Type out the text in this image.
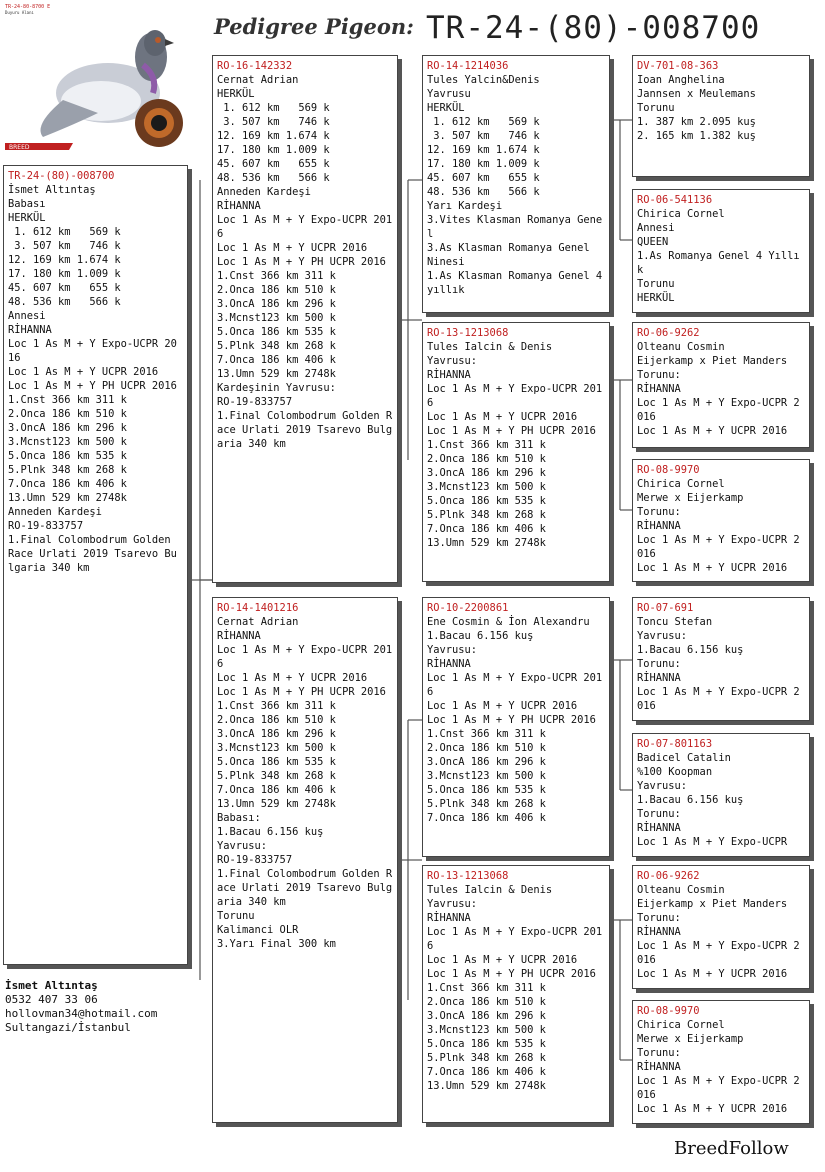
BREED
TR-24-80-8700 E
Duyuru Alanı
Pedigree Pigeon: TR-24-(80)-008700
TR-24-(80)-008700
İsmet Altıntaş
Babası
HERKÜL
1. 612 km   569 k
3. 507 km   746 k
12. 169 km 1.674 k
17. 180 km 1.009 k
45. 607 km   655 k
48. 536 km   566 k
Annesi
RİHANNA
Loc 1 As M + Y Expo-UCPR 2016
Loc 1 As M + Y UCPR 2016
Loc 1 As M + Y PH UCPR 2016
1.Cnst 366 km 311 k
2.Onca 186 km 510 k
3.OncA 186 km 296 k
3.Mcnst123 km 500 k
5.Onca 186 km 535 k
5.Plnk 348 km 268 k
7.Onca 186 km 406 k
13.Umn 529 km 2748k
Anneden Kardeşi
RO-19-833757
1.Final Colombodrum Golden Race Urlati 2019 Tsarevo Bulgaria 340 km
RO-16-142332
Cernat Adrian
HERKÜL
1. 612 km   569 k
3. 507 km   746 k
12. 169 km 1.674 k
17. 180 km 1.009 k
45. 607 km   655 k
48. 536 km   566 k
Anneden Kardeşi
RİHANNA
Loc 1 As M + Y Expo-UCPR 2016
Loc 1 As M + Y UCPR 2016
Loc 1 As M + Y PH UCPR 2016
1.Cnst 366 km 311 k
2.Onca 186 km 510 k
3.OncA 186 km 296 k
3.Mcnst123 km 500 k
5.Onca 186 km 535 k
5.Plnk 348 km 268 k
7.Onca 186 km 406 k
13.Umn 529 km 2748k
Kardeşinin Yavrusu:
RO-19-833757
1.Final Colombodrum Golden Race Urlati 2019 Tsarevo Bulgaria 340 km
RO-14-1401216
Cernat Adrian
RİHANNA
Loc 1 As M + Y Expo-UCPR 2016
Loc 1 As M + Y UCPR 2016
Loc 1 As M + Y PH UCPR 2016
1.Cnst 366 km 311 k
2.Onca 186 km 510 k
3.OncA 186 km 296 k
3.Mcnst123 km 500 k
5.Onca 186 km 535 k
5.Plnk 348 km 268 k
7.Onca 186 km 406 k
13.Umn 529 km 2748k
Babası:
1.Bacau 6.156 kuş
Yavrusu:
RO-19-833757
1.Final Colombodrum Golden Race Urlati 2019 Tsarevo Bulgaria 340 km
Torunu
Kalimanci OLR
3.Yarı Final 300 km
RO-14-1214036
Tules Yalcin&Denis
Yavrusu
HERKÜL
1. 612 km   569 k
3. 507 km   746 k
12. 169 km 1.674 k
17. 180 km 1.009 k
45. 607 km   655 k
48. 536 km   566 k
Yarı Kardeşi
3.Vites Klasman Romanya Genel
3.As Klasman Romanya Genel
Ninesi
1.As Klasman Romanya Genel 4 yıllık
RO-13-1213068
Tules Ialcin & Denis
Yavrusu:
RİHANNA
Loc 1 As M + Y Expo-UCPR 2016
Loc 1 As M + Y UCPR 2016
Loc 1 As M + Y PH UCPR 2016
1.Cnst 366 km 311 k
2.Onca 186 km 510 k
3.OncA 186 km 296 k
3.Mcnst123 km 500 k
5.Onca 186 km 535 k
5.Plnk 348 km 268 k
7.Onca 186 km 406 k
13.Umn 529 km 2748k
RO-10-2200861
Ene Cosmin & İon Alexandru
1.Bacau 6.156 kuş
Yavrusu:
RİHANNA
Loc 1 As M + Y Expo-UCPR 2016
Loc 1 As M + Y UCPR 2016
Loc 1 As M + Y PH UCPR 2016
1.Cnst 366 km 311 k
2.Onca 186 km 510 k
3.OncA 186 km 296 k
3.Mcnst123 km 500 k
5.Onca 186 km 535 k
5.Plnk 348 km 268 k
7.Onca 186 km 406 k
RO-13-1213068
Tules Ialcin & Denis
Yavrusu:
RİHANNA
Loc 1 As M + Y Expo-UCPR 2016
Loc 1 As M + Y UCPR 2016
Loc 1 As M + Y PH UCPR 2016
1.Cnst 366 km 311 k
2.Onca 186 km 510 k
3.OncA 186 km 296 k
3.Mcnst123 km 500 k
5.Onca 186 km 535 k
5.Plnk 348 km 268 k
7.Onca 186 km 406 k
13.Umn 529 km 2748k
DV-701-08-363
Ioan Anghelina
Jannsen x Meulemans
Torunu
1. 387 km 2.095 kuş
2. 165 km 1.382 kuş
RO-06-541136
Chirica Cornel
Annesi
QUEEN
1.As Romanya Genel 4 Yıllık
Torunu
HERKÜL
RO-06-9262
Olteanu Cosmin
Eijerkamp x Piet Manders
Torunu:
RİHANNA
Loc 1 As M + Y Expo-UCPR 2016
Loc 1 As M + Y UCPR 2016
RO-08-9970
Chirica Cornel
Merwe x Eijerkamp
Torunu:
RİHANNA
Loc 1 As M + Y Expo-UCPR 2016
Loc 1 As M + Y UCPR 2016
RO-07-691
Toncu Stefan
Yavrusu:
1.Bacau 6.156 kuş
Torunu:
RİHANNA
Loc 1 As M + Y Expo-UCPR 2016
RO-07-801163
Badicel Catalin
%100 Koopman
Yavrusu:
1.Bacau 6.156 kuş
Torunu:
RİHANNA
Loc 1 As M + Y Expo-UCPR
RO-06-9262
Olteanu Cosmin
Eijerkamp x Piet Manders
Torunu:
RİHANNA
Loc 1 As M + Y Expo-UCPR 2016
Loc 1 As M + Y UCPR 2016
RO-08-9970
Chirica Cornel
Merwe x Eijerkamp
Torunu:
RİHANNA
Loc 1 As M + Y Expo-UCPR 2016
Loc 1 As M + Y UCPR 2016
İsmet Altıntaş
0532 407 33 06
hollovman34@hotmail.com
Sultangazi/İstanbul
BreedFollow
